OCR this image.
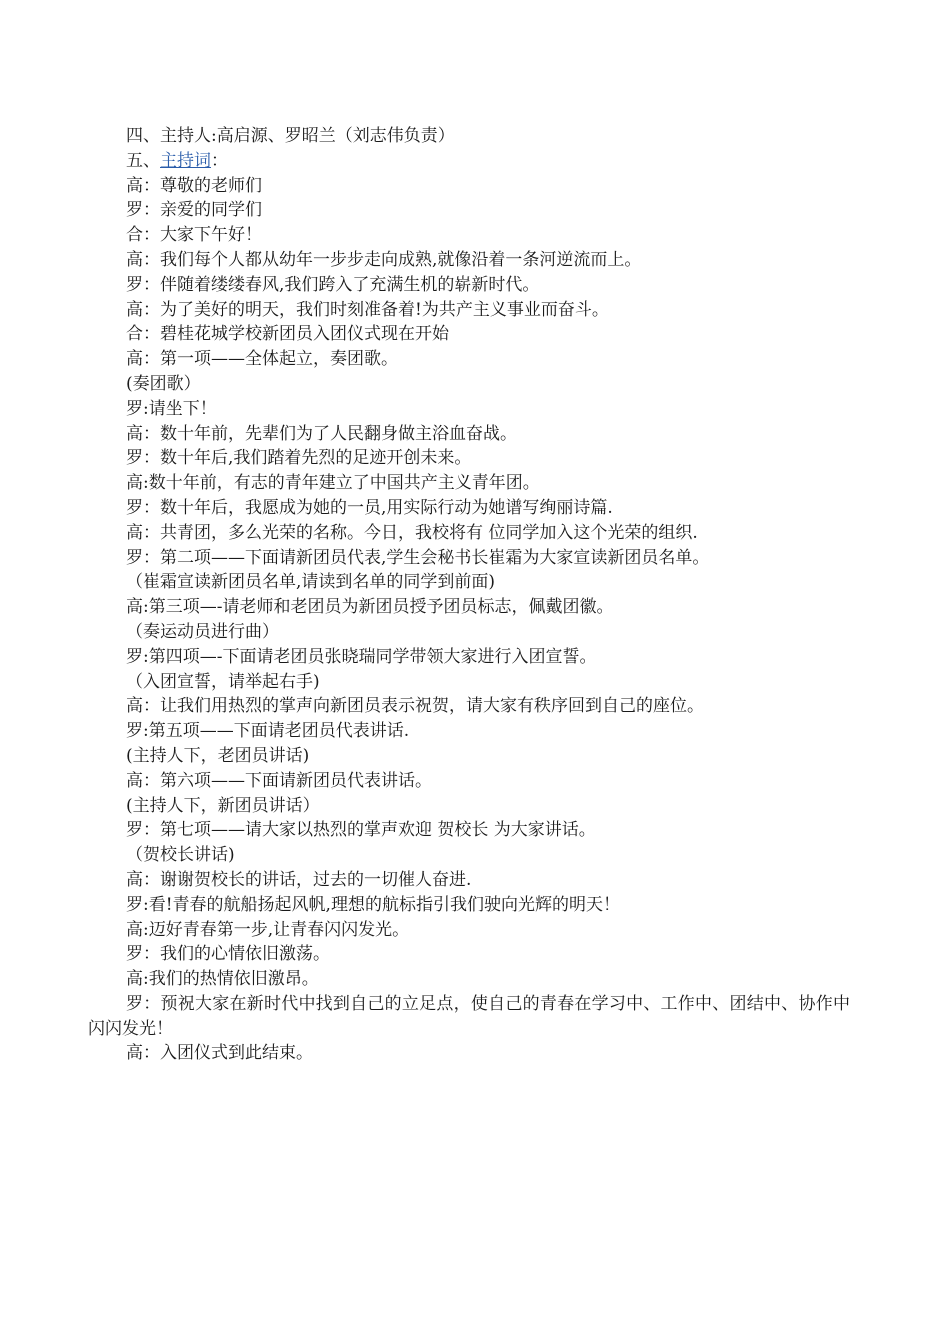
四、主持人:高启源、罗昭兰（刘志伟负责）
五、主持词：
高：尊敬的老师们
罗：亲爱的同学们
合：大家下午好！
高：我们每个人都从幼年一步步走向成熟,就像沿着一条河逆流而上。
罗：伴随着缕缕春风,我们跨入了充满生机的崭新时代。
高：为了美好的明天，我们时刻准备着!为共产主义事业而奋斗。
合：碧桂花城学校新团员入团仪式现在开始
高：第一项——全体起立，奏团歌。
(奏团歌）
罗:请坐下！
高：数十年前，先辈们为了人民翻身做主浴血奋战。
罗：数十年后,我们踏着先烈的足迹开创未来。
高:数十年前，有志的青年建立了中国共产主义青年团。
罗：数十年后，我愿成为她的一员,用实际行动为她谱写绚丽诗篇.
高：共青团，多么光荣的名称。今日，我校将有 位同学加入这个光荣的组织.
罗：第二项——下面请新团员代表,学生会秘书长崔霜为大家宣读新团员名单。
（崔霜宣读新团员名单,请读到名单的同学到前面)
高:第三项—-请老师和老团员为新团员授予团员标志，佩戴团徽。
（奏运动员进行曲）
罗:第四项—-下面请老团员张晓瑞同学带领大家进行入团宣誓。
（入团宣誓，请举起右手)
高：让我们用热烈的掌声向新团员表示祝贺，请大家有秩序回到自己的座位。
罗:第五项——下面请老团员代表讲话.
(主持人下，老团员讲话)
高：第六项——下面请新团员代表讲话。
(主持人下，新团员讲话）
罗：第七项——请大家以热烈的掌声欢迎 贺校长 为大家讲话。
（贺校长讲话)
高：谢谢贺校长的讲话，过去的一切催人奋进.
罗:看!青春的航船扬起风帆,理想的航标指引我们驶向光辉的明天！
高:迈好青春第一步,让青春闪闪发光。
罗：我们的心情依旧激荡。
高:我们的热情依旧激昂。
罗：预祝大家在新时代中找到自己的立足点，使自己的青春在学习中、工作中、团结中、协作中闪闪发光！
高：入团仪式到此结束。
